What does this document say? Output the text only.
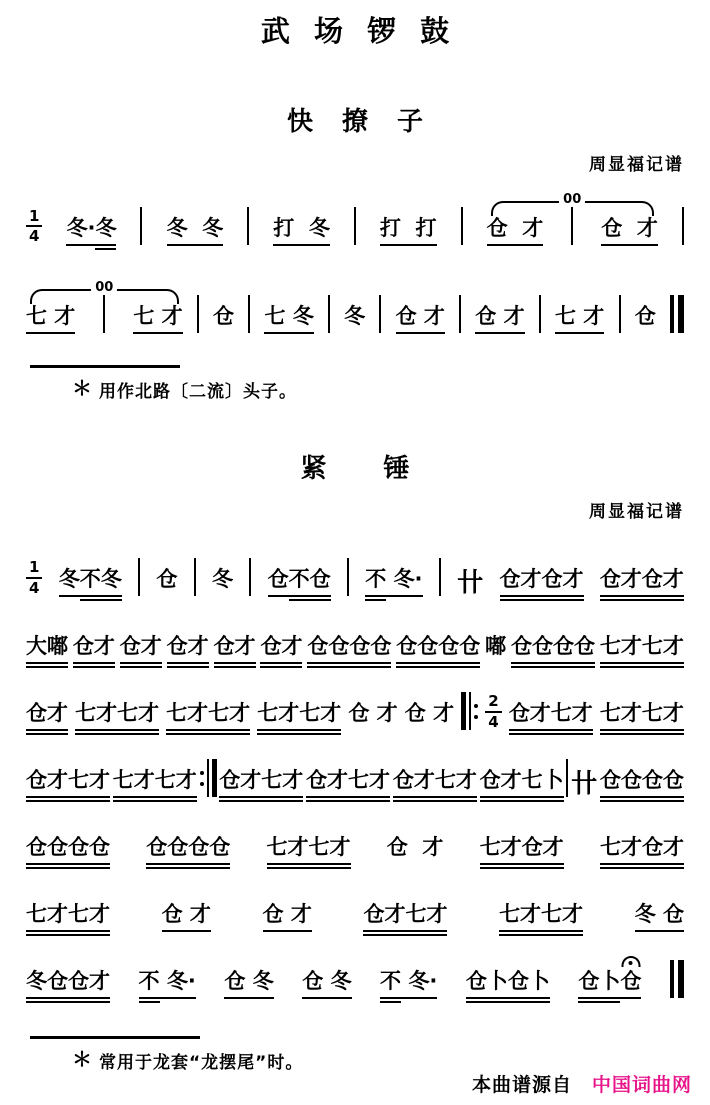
武 场 锣 鼓
快 撩 子
周显福记谱
$\frac{1}{4}$ 冬· 冬 冬  冬 打  冬 打  打
00
仓  才	仓  才
00
七 才	七 才 仓 七 冬 冬 仓 才 仓 才 七 才 仓
＊ 用作北路〔二流〕头子。
紧 锤
周显福记谱
$\frac{1}{4}$ 冬 不冬 仓 冬 仓 不仓 不 冬· 卄 仓才仓才 仓才仓才
大嘟 仓才 仓才 仓才 仓才 仓才 仓仓仓仓 仓仓仓仓 嘟 仓仓仓仓 七才七才
仓才 七才七才 七才七才 七才七才 仓 才 仓 才 $\frac{2}{4}$ 仓才七才 七才七才
仓才七才 七才七才 仓才七才 仓才七才 仓才七才 仓才七卜 卄 仓仓仓仓
仓仓仓仓 仓仓仓仓 七才七才 仓  才 七才仓才 七才仓才
七才七才 仓 才 仓 才 仓才七才 七才七才 冬 仓
冬仓仓才 不 冬· 仓 冬 仓 冬 不 冬· 仓卜仓卜 仓卜 仓
＊ 常用于龙套“龙摆尾”时。
本曲谱源自 中国词曲网
